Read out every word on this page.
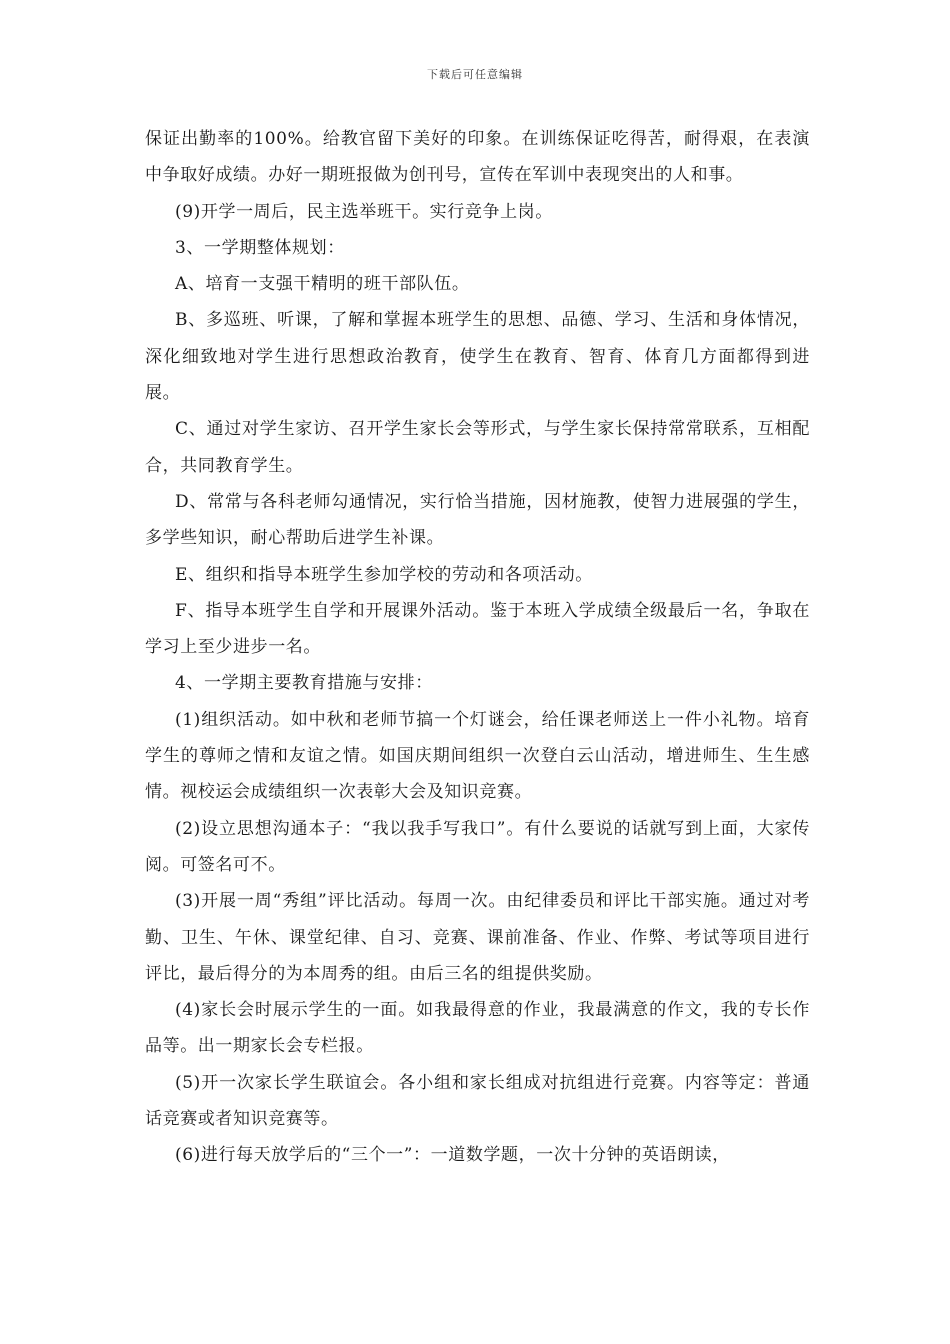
下载后可任意编辑

保证出勤率的100%。给教官留下美好的印象。在训练保证吃得苦，耐得艰，在表演中争取好成绩。办好一期班报做为创刊号，宣传在军训中表现突出的人和事。

(9)开学一周后，民主选举班干。实行竞争上岗。

3、一学期整体规划：

A、培育一支强干精明的班干部队伍。

B、多巡班、听课，了解和掌握本班学生的思想、品德、学习、生活和身体情况，深化细致地对学生进行思想政治教育，使学生在教育、智育、体育几方面都得到进展。

C、通过对学生家访、召开学生家长会等形式，与学生家长保持常常联系，互相配合，共同教育学生。

D、常常与各科老师勾通情况，实行恰当措施，因材施教，使智力进展强的学生，多学些知识，耐心帮助后进学生补课。

E、组织和指导本班学生参加学校的劳动和各项活动。

F、指导本班学生自学和开展课外活动。鉴于本班入学成绩全级最后一名，争取在学习上至少进步一名。

4、一学期主要教育措施与安排：

(1)组织活动。如中秋和老师节搞一个灯谜会，给任课老师送上一件小礼物。培育学生的尊师之情和友谊之情。如国庆期间组织一次登白云山活动，增进师生、生生感情。视校运会成绩组织一次表彰大会及知识竞赛。

(2)设立思想沟通本子：“我以我手写我口”。有什么要说的话就写到上面，大家传阅。可签名可不。

(3)开展一周“秀组”评比活动。每周一次。由纪律委员和评比干部实施。通过对考勤、卫生、午休、课堂纪律、自习、竞赛、课前准备、作业、作弊、考试等项目进行评比，最后得分的为本周秀的组。由后三名的组提供奖励。

(4)家长会时展示学生的一面。如我最得意的作业，我最满意的作文，我的专长作品等。出一期家长会专栏报。

(5)开一次家长学生联谊会。各小组和家长组成对抗组进行竞赛。内容等定：普通话竞赛或者知识竞赛等。

(6)进行每天放学后的“三个一”：一道数学题，一次十分钟的英语朗读，
